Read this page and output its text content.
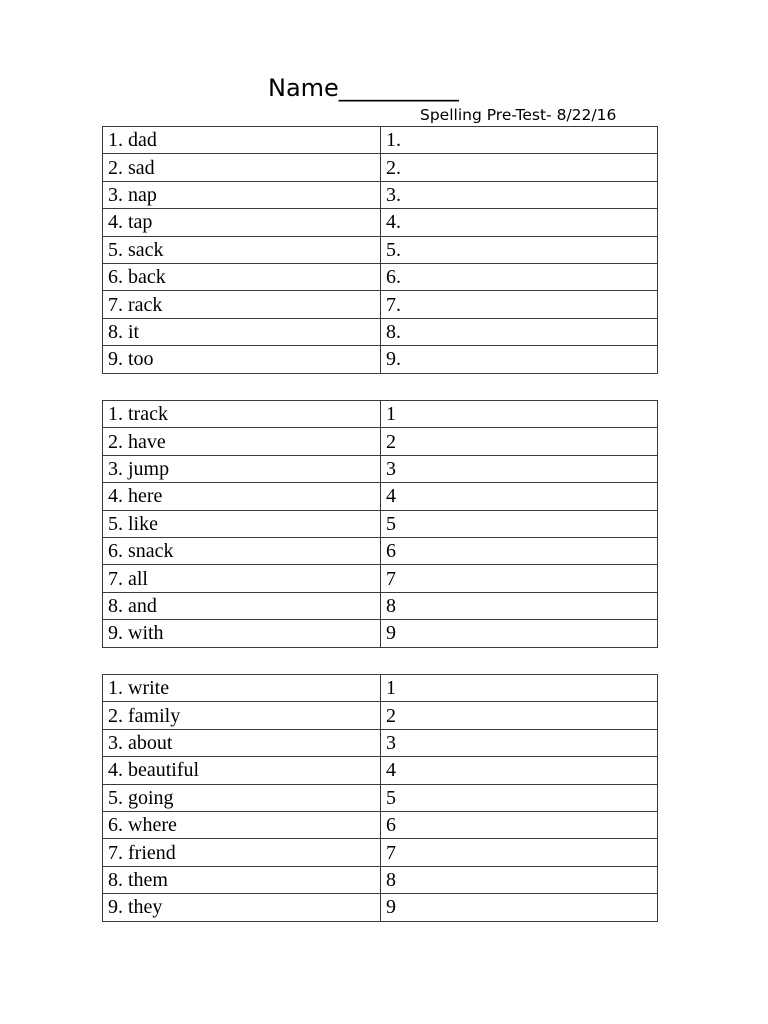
Name__________
Spelling Pre-Test- 8/22/16
1. dad	1.
2. sad	2.
3. nap	3.
4. tap	4.
5. sack	5.
6. back	6.
7. rack	7.
8. it	8.
9. too	9.
1. track	1
2. have	2
3. jump	3
4. here	4
5. like	5
6. snack	6
7. all	7
8. and	8
9. with	9
1. write	1
2. family	2
3. about	3
4. beautiful	4
5. going	5
6. where	6
7. friend	7
8. them	8
9. they	9
